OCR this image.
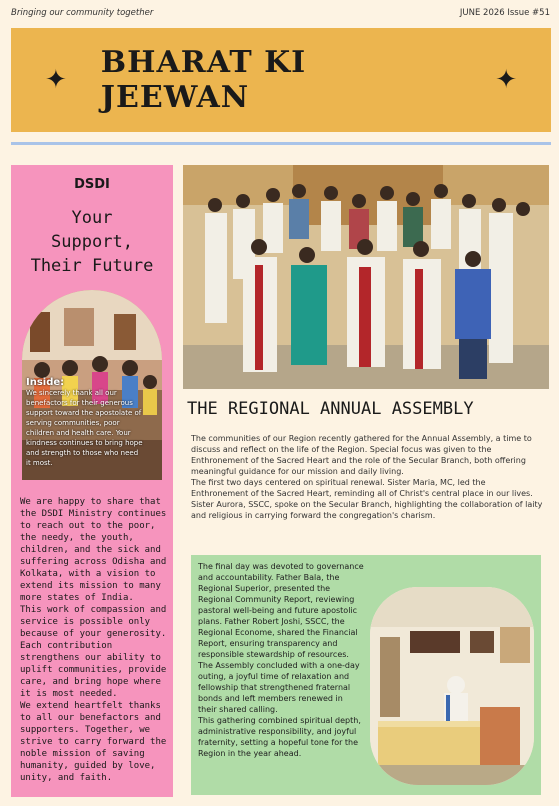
Bringing our community together	JUNE 2026 Issue #51
✦ BHARAT KI JEEWAN	✦
DSDI
Your
Support,
Their Future
Inside:
We sincerely thank all our benefactors for their generous support toward the apostolate of serving communities, poor children and health care. Your kindness continues to bring hope and strength to those who need it most.

We are happy to share that the DSDI Ministry continues to reach out to the poor, the needy, the youth, children, and the sick and suffering across Odisha and Kolkata, with a vision to extend its mission to many more states of India.

This work of compassion and service is possible only because of your generosity. Each contribution strengthens our ability to uplift communities, provide care, and bring hope where it is most needed.

We extend heartfelt thanks to all our benefactors and supporters. Together, we strive to carry forward the noble mission of saving humanity, guided by love, unity, and faith.

THE REGIONAL ANNUAL ASSEMBLY

The communities of our Region recently gathered for the Annual Assembly, a time to discuss and reflect on the life of the Region. Special focus was given to the Enthronement of the Sacred Heart and the role of the Secular Branch, both offering meaningful guidance for our mission and daily living.

The first two days centered on spiritual renewal. Sister Maria, MC, led the Enthronement of the Sacred Heart, reminding all of Christ's central place in our lives. Sister Aurora, SSCC, spoke on the Secular Branch, highlighting the collaboration of laity and religious in carrying forward the congregation's charism.

The final day was devoted to governance and accountability. Father Bala, the Regional Superior, presented the Regional Community Report, reviewing pastoral well-being and future apostolic plans. Father Robert Joshi, SSCC, the Regional Econome, shared the Financial Report, ensuring transparency and responsible stewardship of resources.

The Assembly concluded with a one-day outing, a joyful time of relaxation and fellowship that strengthened fraternal bonds and left members renewed in their shared calling.

This gathering combined spiritual depth, administrative responsibility, and joyful fraternity, setting a hopeful tone for the Region in the year ahead.
